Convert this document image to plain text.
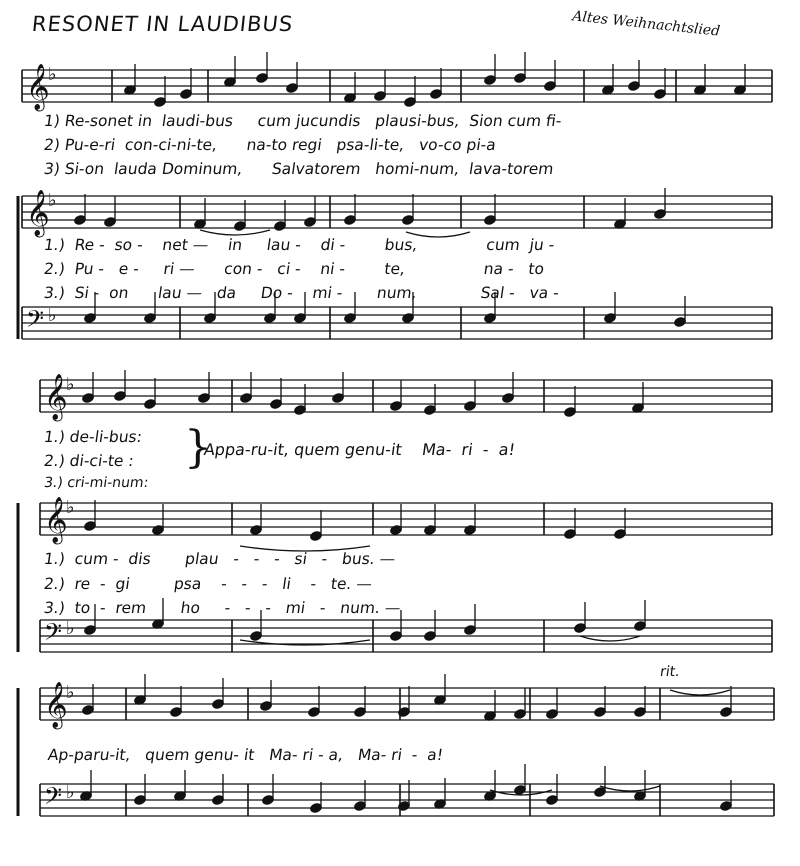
RESONET IN LAUDIBUS	Altes Weihnachtslied
𝄞
♭
𝄞
♭
𝄢 ♭
𝄞
♭
𝄞
♭
𝄢 ♭
𝄞
♭
𝄢 ♭
1) Re-sonet in  laudi-bus     cum jucundis   plausi-bus,  Sion cum fi-
2) Pu-e-ri  con-ci-ni-te,      na-to regi   psa-li-te,   vo-co pi-a
3) Si-on  lauda Dominum,      Salvatorem   homi-num,  lava-torem
1.)  Re -  so -    net —    in     lau -    di -        bus,              cum  ju -
2.)  Pu -   e -     ri —      con -   ci -    ni -        te,                na -   to
3.)  Si -  on      lau —   da     Do -    mi -       num,             Sal -   va -
1.) de-li-bus:
2.) di-ci-te :
3.) cri-mi-num:
}
Appa-ru-it, quem genu-it    Ma-  ri  -  a!
1.)  cum -  dis       plau   -   -   -   si   -   bus. —
2.)  re  -  gi         psa    -   -   -   li    -   te. —
3.)  to  -  rem       ho     -   -   -   mi   -   num. —
Ap-paru-it,   quem genu- it   Ma- ri - a,   Ma- ri  -  a!
rit.
